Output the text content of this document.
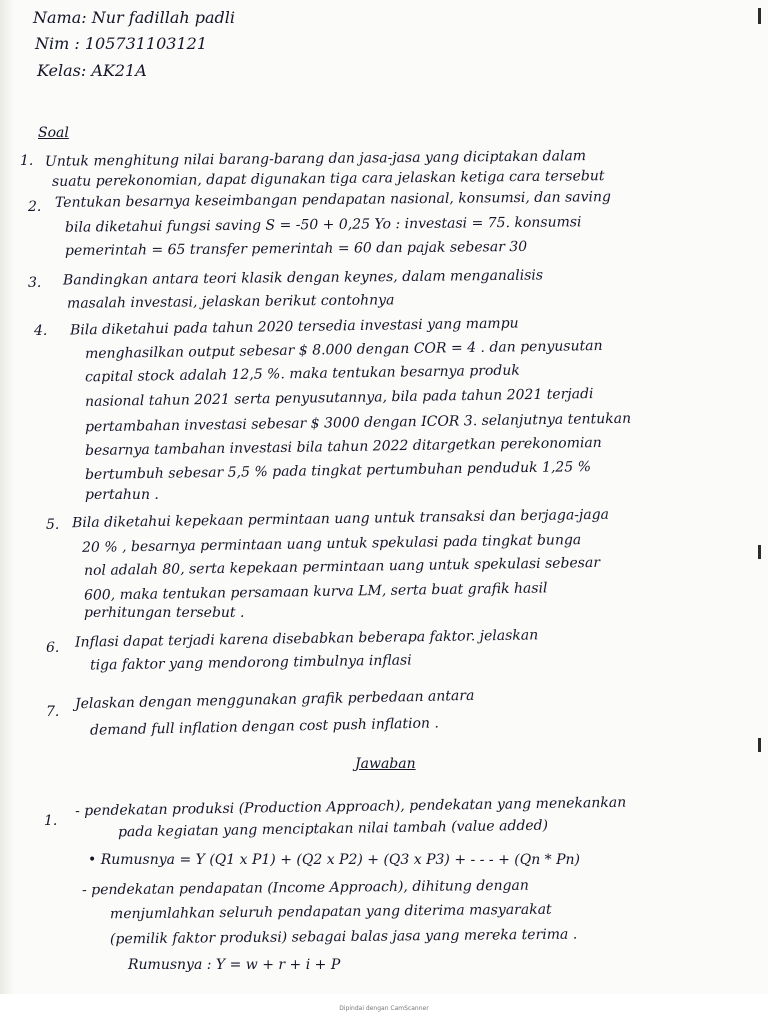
Nama: Nur fadillah padli
Nim : 105731103121
Kelas: AK21A
Soal
1. Untuk menghitung nilai barang-barang dan jasa-jasa yang diciptakan dalam
suatu perekonomian, dapat digunakan tiga cara jelaskan ketiga cara tersebut
2. Tentukan besarnya keseimbangan pendapatan nasional, konsumsi, dan saving
bila diketahui fungsi saving S = -50 + 0,25 Yo : investasi = 75. konsumsi
pemerintah = 65 transfer pemerintah = 60 dan pajak sebesar 30
3. Bandingkan antara teori klasik dengan keynes, dalam menganalisis
masalah investasi, jelaskan berikut contohnya
4. Bila diketahui pada tahun 2020 tersedia investasi yang mampu
menghasilkan output sebesar $ 8.000 dengan COR = 4 . dan penyusutan
capital stock adalah 12,5 %. maka tentukan besarnya produk
nasional tahun 2021 serta penyusutannya, bila pada tahun 2021 terjadi
pertambahan investasi sebesar $ 3000 dengan ICOR 3. selanjutnya tentukan
besarnya tambahan investasi bila tahun 2022 ditargetkan perekonomian
bertumbuh sebesar 5,5 % pada tingkat pertumbuhan penduduk 1,25 %
pertahun .
5. Bila diketahui kepekaan permintaan uang untuk transaksi dan berjaga-jaga
20 % , besarnya permintaan uang untuk spekulasi pada tingkat bunga
nol adalah 80, serta kepekaan permintaan uang untuk spekulasi sebesar
600, maka tentukan persamaan kurva LM, serta buat grafik hasil
perhitungan tersebut .
6. Inflasi dapat terjadi karena disebabkan beberapa faktor. jelaskan
tiga faktor yang mendorong timbulnya inflasi
7. Jelaskan dengan menggunakan grafik perbedaan antara
demand full inflation dengan cost push inflation .
Jawaban
1.
- pendekatan produksi (Production Approach), pendekatan yang menekankan
pada kegiatan yang menciptakan nilai tambah (value added)
• Rumusnya = Y (Q1 x P1) + (Q2 x P2) + (Q3 x P3) + - - - + (Qn * Pn)
- pendekatan pendapatan (Income Approach), dihitung dengan
menjumlahkan seluruh pendapatan yang diterima masyarakat
(pemilik faktor produksi) sebagai balas jasa yang mereka terima .
Rumusnya : Y = w + r + i + P
Dipindai dengan CamScanner
